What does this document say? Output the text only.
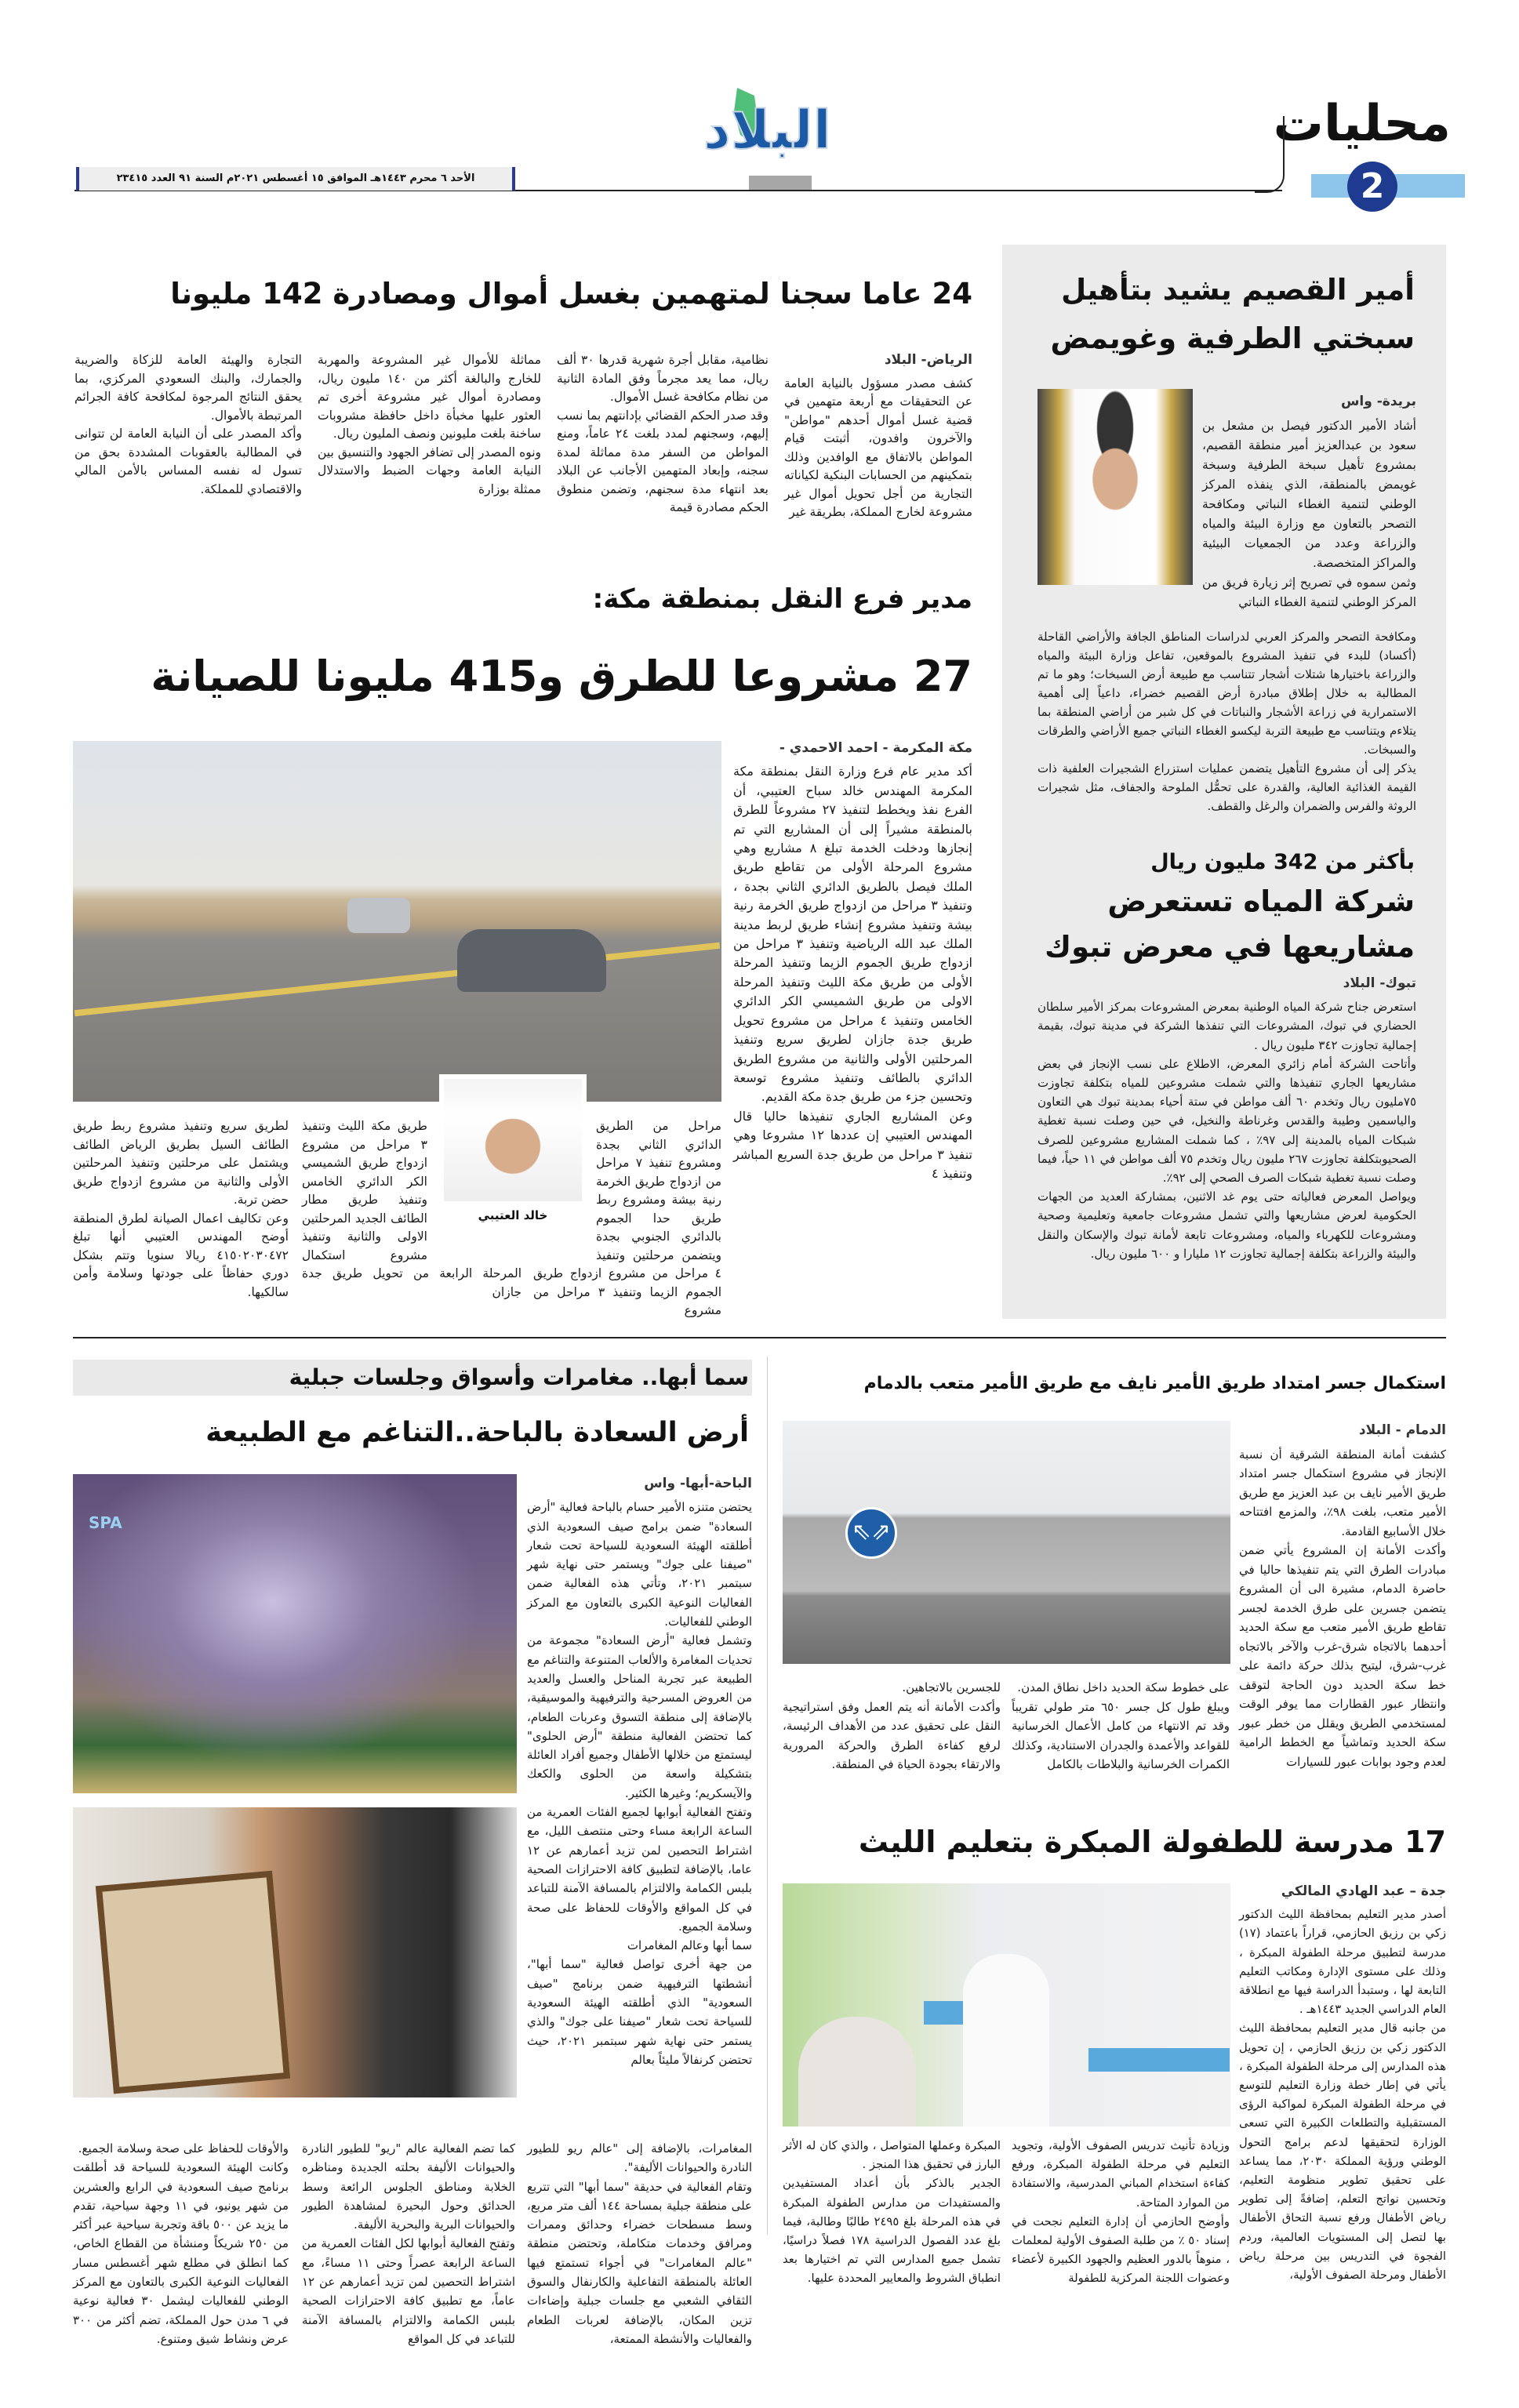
البلاد	محليات
2
الأحد ٦ محرم ١٤٤٣هـ الموافق ١٥ أغسطس ٢٠٢١م السنة ٩١ العدد ٢٣٤١٥
24 عاما سجنا لمتهمين بغسل أموال ومصادرة 142 مليونا
الرياض- البلاد
كشف مصدر مسؤول بالنيابة العامة عن التحقيقات مع أربعة متهمين في قضية غسل أموال أحدهم "مواطن" والآخرون وافدون، أثبتت قيام المواطن بالاتفاق مع الوافدين وذلك بتمكينهم من الحسابات البنكية لكياناته التجارية من أجل تحويل أموال غير مشروعة لخارج المملكة، بطريقة غير
نظامية، مقابل أجرة شهرية قدرها ٣٠ ألف ريال، مما يعد مجرماً وفق المادة الثانية من نظام مكافحة غسل الأموال.
وقد صدر الحكم القضائي بإدانتهم بما نسب إليهم، وسجنهم لمدد بلغت ٢٤ عاماً، ومنع المواطن من السفر مدة مماثلة لمدة سجنه، وإبعاد المتهمين الأجانب عن البلاد بعد انتهاء مدة سجنهم، وتضمن منطوق الحكم مصادرة قيمة
مماثلة للأموال غير المشروعة والمهربة للخارج والبالغة أكثر من ١٤٠ مليون ريال، ومصادرة أموال غير مشروعة أخرى تم العثور عليها مخبأة داخل حافظة مشروبات ساخنة بلغت مليونين ونصف المليون ريال.
ونوه المصدر إلى تضافر الجهود والتنسيق بين النيابة العامة وجهات الضبط والاستدلال ممثلة بوزارة
التجارة والهيئة العامة للزكاة والضريبة والجمارك، والبنك السعودي المركزي، بما يحقق النتائج المرجوة لمكافحة كافة الجرائم المرتبطة بالأموال.
وأكد المصدر على أن النيابة العامة لن تتوانى في المطالبة بالعقوبات المشددة بحق من تسول له نفسه المساس بالأمن المالي والاقتصادي للمملكة.
مدير فرع النقل بمنطقة مكة:
27 مشروعا للطرق و415 مليونا للصيانة
مكة المكرمة - احمد الاحمدي -
أكد مدير عام فرع وزارة النقل بمنطقة مكة المكرمة المهندس خالد سباح العتيبي، أن الفرع نفذ ويخطط لتنفيذ ٢٧ مشروعاً للطرق بالمنطقة مشيراً إلى أن المشاريع التي تم إنجازها ودخلت الخدمة تبلغ ٨ مشاريع وهي مشروع المرحلة الأولى من تقاطع طريق الملك فيصل بالطريق الدائري الثاني بجدة ، وتنفيذ ٣ مراحل من ازدواج طريق الخرمة رنية بيشة وتنفيذ مشروع إنشاء طريق لربط مدينة الملك عبد الله الرياضية وتنفيذ ٣ مراحل من ازدواج طريق الجموم الزيما وتنفيذ المرحلة الأولى من طريق مكة الليث وتنفيذ المرحلة الاولى من طريق الشميسي الكر الدائري الخامس وتنفيذ ٤ مراحل من مشروع تحويل طريق جدة جازان لطريق سريع وتنفيذ المرحلتين الأولى والثانية من مشروع الطريق الدائري بالطائف وتنفيذ مشروع توسعة وتحسين جزء من طريق جدة مكة القديم.
وعن المشاريع الجاري تنفيذها حاليا قال المهندس العتيبي إن عددها ١٢ مشروعا وهي تنفيذ ٣ مراحل من طريق جدة السريع المباشر وتنفيذ ٤
مراحل من الطريق الدائري الثاني بجدة ومشروع تنفيذ ٧ مراحل من ازدواج طريق الخرمة رنية بيشة ومشروع ربط طريق حدا الجموم بالدائري الجنوبي بجدة ويتضمن مرحلتين وتنفيذ ٤ مراحل من مشروع ازدواج طريق الجموم الزيما وتنفيذ ٣ مراحل من مشروع
طريق مكة الليث وتنفيذ ٣ مراحل من مشروع ازدواج طريق الشميسي الكر الدائري الخامس وتنفيذ طريق مطار الطائف الجديد المرحلتين الاولى والثانية وتنفيذ مشروع استكمال المرحلة الرابعة من تحويل طريق جدة جازان
لطريق سريع وتنفيذ مشروع ربط طريق الطائف السيل بطريق الرياض الطائف ويشتمل على مرحلتين وتنفيذ المرحلتين الأولى والثانية من مشروع ازدواج طريق حضن تربة.
وعن تكاليف اعمال الصيانة لطرق المنطقة أوضح المهندس العتيبي أنها تبلغ ٤١٥٠٢٠٣٠٤٧٢ ريالا سنويا وتتم بشكل دوري حفاظاً على جودتها وسلامة وأمن سالكيها.
خالد العتيبي
أمير القصيم يشيد بتأهيل
سبختي الطرفية وغويمض
بريدة- واس
أشاد الأمير الدكتور فيصل بن مشعل بن سعود بن عبدالعزيز أمير منطقة القصيم، بمشروع تأهيل سبخة الطرفية وسبخة غويمض بالمنطقة، الذي ينفذه المركز الوطني لتنمية الغطاء النباتي ومكافحة التصحر بالتعاون مع وزارة البيئة والمياه والزراعة وعدد من الجمعيات البيئية والمراكز المتخصصة.
وثمن سموه في تصريح إثر زيارة فريق من المركز الوطني لتنمية الغطاء النباتي
ومكافحة التصحر والمركز العربي لدراسات المناطق الجافة والأراضي القاحلة (أكساد) للبدء في تنفيذ المشروع بالموقعين، تفاعل وزارة البيئة والمياه والزراعة باختيارها شتلات أشجار تتناسب مع طبيعة أرض السبخات؛ وهو ما تم المطالبة به خلال إطلاق مبادرة أرض القصيم خضراء، داعياً إلى أهمية الاستمرارية في زراعة الأشجار والنباتات في كل شبر من أراضي المنطقة بما يتلاءم ويتناسب مع طبيعة التربة ليكسو الغطاء النباتي جميع الأراضي والطرقات والسبخات.
يذكر إلى أن مشروع التأهيل يتضمن عمليات استزراع الشجيرات العلفية ذات القيمة الغذائية العالية، والقدرة على تحمُّل الملوحة والجفاف، مثل شجيرات الروثة والفرس والضمران والرغل والقطف.
بأكثر من 342 مليون ريال
شركة المياه تستعرض
مشاريعها في معرض تبوك
تبوك- البلاد
استعرض جناح شركة المياه الوطنية بمعرض المشروعات بمركز الأمير سلطان الحضاري في تبوك، المشروعات التي تنفذها الشركة في مدينة تبوك، بقيمة إجمالية تجاوزت ٣٤٢ مليون ريال .
وأتاحت الشركة أمام زائري المعرض، الاطلاع على نسب الإنجاز في بعض مشاريعها الجاري تنفيذها والتي شملت مشروعين للمياه بتكلفة تجاوزت ٧٥مليون ريال وتخدم ٦٠ ألف مواطن في ستة أحياء بمدينة تبوك هي التعاون والياسمين وطيبة والقدس وغرناطة والنخيل، في حين وصلت نسبة تغطية شبكات المياه بالمدينة إلى ٩٧٪ ، كما شملت المشاريع مشروعين للصرف الصحيوبتكلفة تجاوزت ٢٦٧ مليون ريال وتخدم ٧٥ ألف مواطن في ١١ حياً، فيما وصلت نسبة تغطية شبكات الصرف الصحي إلى ٩٢٪.
ويواصل المعرض فعالياته حتى يوم غد الاثنين، بمشاركة العديد من الجهات الحكومية لعرض مشاريعها والتي تشمل مشروعات جامعية وتعليمية وصحية ومشروعات للكهرباء والمياه، ومشروعات تابعة لأمانة تبوك والإسكان والنقل والبيئة والزراعة بتكلفة إجمالية تجاوزت ١٢ مليارا و ٦٠٠ مليون ريال.
سما أبها.. مغامرات وأسواق وجلسات جبلية
أرض السعادة بالباحة..التناغم مع الطبيعة
SPA
الباحة-أبها- واس
يحتضن متنزه الأمير حسام بالباحة فعالية "أرض السعادة" ضمن برامج صيف السعودية الذي أطلقته الهيئة السعودية للسياحة تحت شعار "صيفنا على جوك" ويستمر حتى نهاية شهر سبتمبر ٢٠٢١، وتأتي هذه الفعالية ضمن الفعاليات النوعية الكبرى بالتعاون مع المركز الوطني للفعاليات.
وتشمل فعالية "أرض السعادة" مجموعة من تحديات المغامرة والألعاب المتنوعة والتناغم مع الطبيعة عبر تجربة المناحل والعسل والعديد من العروض المسرحية والترفيهية والموسيقية، بالإضافة إلى منطقة التسوق وعربات الطعام، كما تحتضن الفعالية منطقة "أرض الحلوى" ليستمتع من خلالها الأطفال وجميع أفراد العائلة بتشكيلة واسعة من الحلوى والكعك والآيسكريم؛ وغيرها الكثير.
وتفتح الفعالية أبوابها لجميع الفئات العمرية من الساعة الرابعة مساء وحتى منتصف الليل، مع اشتراط التحصين لمن تزيد أعمارهم عن ١٢ عاما، بالإضافة لتطبيق كافة الاحترازات الصحية بلبس الكمامة والالتزام بالمسافة الآمنة للتباعد في كل المواقع والأوقات للحفاظ على صحة وسلامة الجميع.
سما أبها وعالم المغامرات
من جهة أخرى تواصل فعالية "سما أبها"، أنشطتها الترفيهية ضمن برنامج "صيف السعودية" الذي أطلقته الهيئة السعودية للسياحة تحت شعار "صيفنا على جوك" والذي يستمر حتى نهاية شهر سبتمبر ٢٠٢١، حيث تحتضن كرنفالاً مليئاً بعالم
المغامرات، بالإضافة إلى "عالم ريو للطيور النادرة والحيوانات الأليفة".
وتقام الفعالية في حديقة "سما أبها" التي تتربع على منطقة جبلية بمساحة ١٤٤ ألف متر مربع، وسط مسطحات خضراء وحدائق وممرات ومرافق وخدمات متكاملة، وتحتضن منطقة "عالم المغامرات" في أجواء تستمتع فيها العائلة بالمنطقة التفاعلية والكارنفال والسوق الثقافي الشعبي مع جلسات جبلية وإضاءات تزين المكان، بالإضافة لعربات الطعام والفعاليات والأنشطة الممتعة،
كما تضم الفعالية عالم "ريو" للطيور النادرة والحيوانات الأليفة بحلته الجديدة ومناظره الخلابة ومناطق الجلوس الرائعة وسط الحدائق وحول البحيرة لمشاهدة الطيور والحيوانات البرية والبحرية الأليفة.
وتفتح الفعالية أبوابها لكل الفئات العمرية من الساعة الرابعة عصراً وحتى ١١ مساءً، مع اشتراط التحصين لمن تزيد أعمارهم عن ١٢ عاماً، مع تطبيق كافة الاحترازات الصحية بلبس الكمامة والالتزام بالمسافة الآمنة للتباعد في كل المواقع
والأوقات للحفاظ على صحة وسلامة الجميع.
وكانت الهيئة السعودية للسياحة قد أطلقت برنامج صيف السعودية في الرابع والعشرين من شهر يونيو، في ١١ وجهة سياحية، تقدم ما يزيد عن ٥٠٠ باقة وتجربة سياحية عبر أكثر من ٢٥٠ شريكاً ومنشأة من القطاع الخاص، كما انطلق في مطلع شهر أغسطس مسار الفعاليات النوعية الكبرى بالتعاون مع المركز الوطني للفعاليات ليشمل ٣٠ فعالية نوعية في ٦ مدن حول المملكة، تضم أكثر من ٣٠٠ عرض ونشاط شيق ومتنوع.
استكمال جسر امتداد طريق الأمير نايف مع طريق الأمير متعب بالدمام
⇖⇗
الدمام - البلاد
كشفت أمانة المنطقة الشرقية أن نسبة الإنجاز في مشروع استكمال جسر امتداد طريق الأمير نايف بن عبد العزيز مع طريق الأمير متعب، بلغت ٩٨٪، والمزمع افتتاحه خلال الأسابيع القادمة.
وأكدت الأمانة إن المشروع يأتي ضمن مبادرات الطرق التي يتم تنفيذها حاليا في حاضرة الدمام، مشيرة الى أن المشروع يتضمن جسرين على طرق الخدمة لجسر تقاطع طريق الأمير متعب مع سكة الحديد أحدهما بالاتجاه شرق-غرب والآخر بالاتجاه غرب-شرق، ليتيح بذلك حركة دائمة على خط سكة الحديد دون الحاجة لتوقف وانتظار عبور القطارات مما يوفر الوقت لمستخدمي الطريق ويقلل من خطر عبور سكة الحديد وتماشياً مع الخطط الرامية لعدم وجود بوابات عبور للسيارات
على خطوط سكة الحديد داخل نطاق المدن.
ويبلغ طول كل جسر ٦٥٠ متر طولي تقريباً وقد تم الانتهاء من كامل الأعمال الخرسانية للقواعد والأعمدة والجدران الاستنادية، وكذلك الكمرات الخرسانية والبلاطات بالكامل
للجسرين بالاتجاهين.
وأكدت الأمانة أنه يتم العمل وفق استراتيجية النقل على تحقيق عدد من الأهداف الرئيسة، لرفع كفاءة الطرق والحركة المرورية والارتقاء بجودة الحياة في المنطقة.
17 مدرسة للطفولة المبكرة بتعليم الليث
جدة – عبد الهادي المالكي
أصدر مدير التعليم بمحافظة الليث الدكتور زكي بن رزيق الحازمي، قراراً باعتماد (١٧) مدرسة لتطبيق مرحلة الطفولة المبكرة ، وذلك على مستوى الإدارة ومكاتب التعليم التابعة لها ، وستبدأ الدراسة فيها مع انطلاقة العام الدراسي الجديد ١٤٤٣هـ .
من جانبه قال مدير التعليم بمحافظة الليث الدكتور زكي بن رزيق الحازمي ، إن تحويل هذه المدارس إلى مرحلة الطفولة المبكرة ، يأتي في إطار خطة وزارة التعليم للتوسع في مرحلة الطفولة المبكرة لمواكبة الرؤى المستقبلية والتطلعات الكبيرة التي تسعى الوزارة لتحقيقها لدعم برامج التحول الوطني ورؤية المملكة ٢٠٣٠، مما يساعد على تحقيق تطوير منظومة التعليم، وتحسين نواتج التعلم، إضافةً إلى تطوير رياض الأطفال ورفع نسبة التحاق الأطفال بها لتصل إلى المستويات العالمية، وردم الفجوة في التدريس بين مرحلة رياض الأطفال ومرحلة الصفوف الأولية،
وزيادة تأنيث تدريس الصفوف الأولية، وتجويد التعليم في مرحلة الطفولة المبكرة، ورفع كفاءة استخدام المباني المدرسية، والاستفادة من الموارد المتاحة.
وأوضح الحازمي أن إدارة التعليم نجحت في إسناد ٥٠ ٪ من طلبة الصفوف الأولية لمعلمات ، منوهاً بالدور العظيم والجهود الكبيرة لأعضاء وعضوات اللجنة المركزية للطفولة
المبكرة وعملها المتواصل ، والذي كان له الأثر البارز في تحقيق هذا المنجز .
الجدير بالذكر بأن أعداد المستفيدين والمستفيدات من مدارس الطفولة المبكرة في هذه المرحلة بلغ ٢٤٩٥ طالبًا وطالبة، فيما بلغ عدد الفصول الدراسية ١٧٨ فصلاً دراسيًا، تشمل جميع المدارس التي تم اختيارها بعد انطباق الشروط والمعايير المحددة عليها.
